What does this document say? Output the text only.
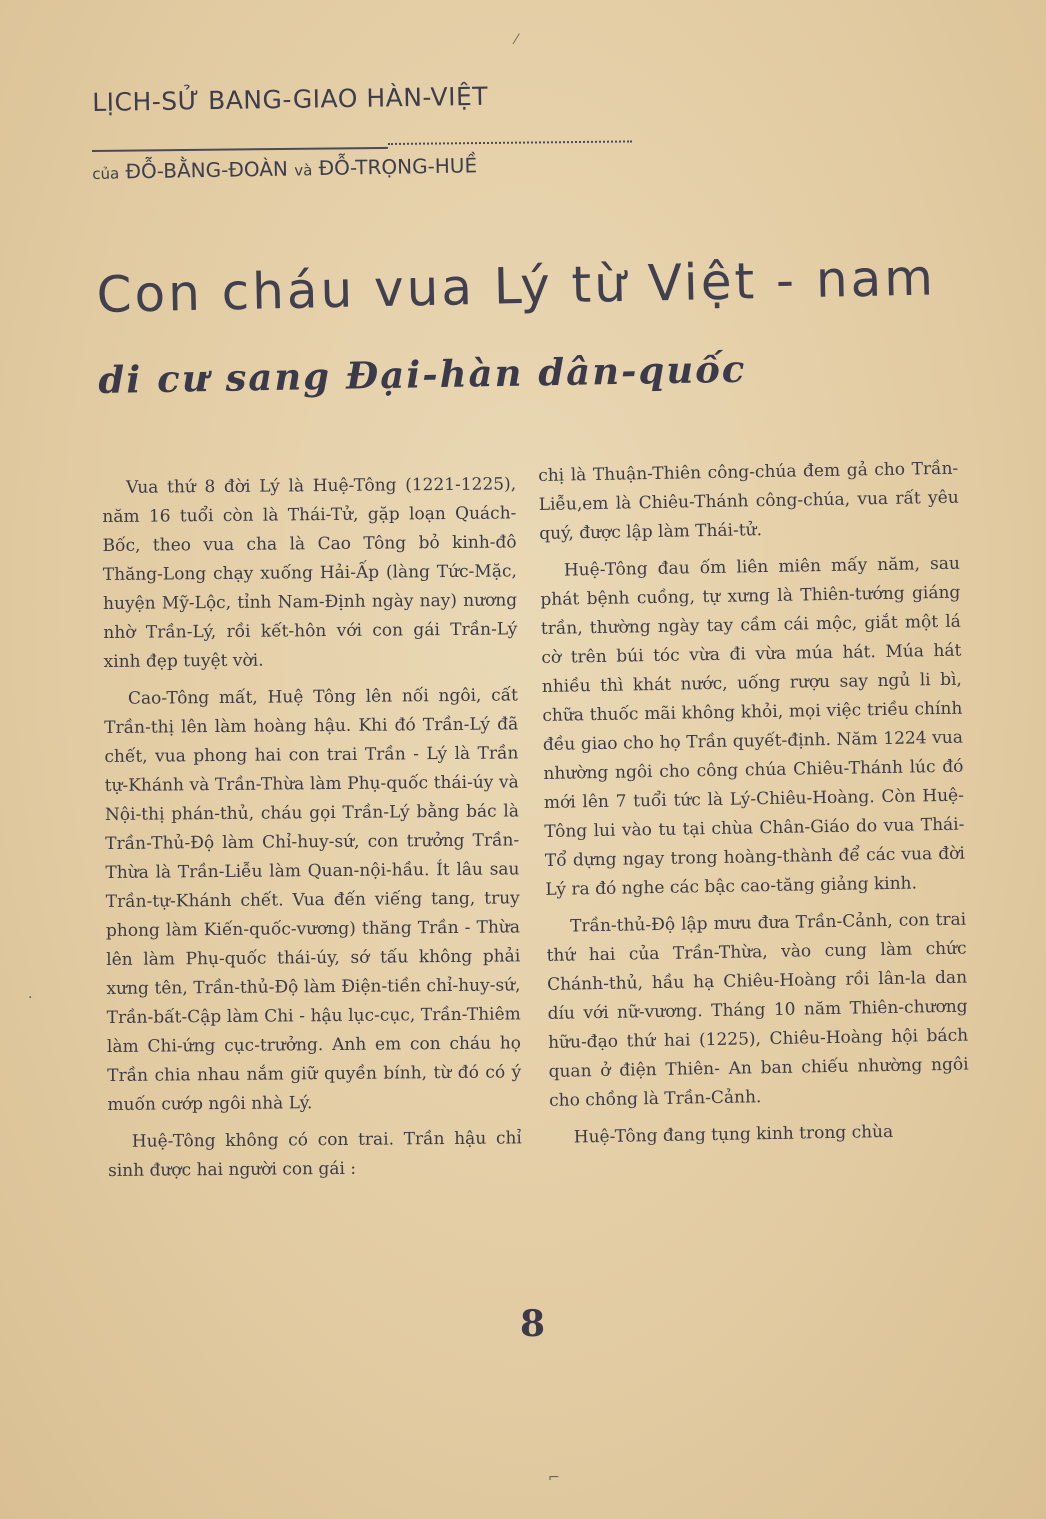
LỊCH-SỬ BANG-GIAO HÀN-VIỆT
của ĐỖ-BẰNG-ĐOÀN và ĐỖ-TRỌNG-HUỀ
Con cháu vua Lý từ Việt - nam
di cư sang Đại-hàn dân-quốc

Vua thứ 8 đời Lý là Huệ-Tông (1221-1225), năm 16 tuổi còn là Thái-Tử, gặp loạn Quách-Bốc, theo vua cha là Cao Tông bỏ kinh-đô Thăng-Long chạy xuống Hải-Ấp (làng Tức-Mặc, huyện Mỹ-Lộc, tỉnh Nam-Định ngày nay) nương nhờ Trần-Lý, rồi kết-hôn với con gái Trần-Lý xinh đẹp tuyệt vời.

Cao-Tông mất, Huệ Tông lên nối ngôi, cất Trần-thị lên làm hoàng hậu. Khi đó Trần-Lý đã chết, vua phong hai con trai Trần - Lý là Trần tự-Khánh và Trần-Thừa làm Phụ-quốc thái-úy và Nội-thị phán-thủ, cháu gọi Trần-Lý bằng bác là Trần-Thủ-Độ làm Chỉ-huy-sứ, con trưởng Trần-Thừa là Trần-Liễu làm Quan-nội-hầu. Ít lâu sau Trần-tự-Khánh chết. Vua đến viếng tang, truy phong làm Kiến-quốc-vương) thăng Trần - Thừa lên làm Phụ-quốc thái-úy, sớ tấu không phải xưng tên, Trần-thủ-Độ làm Điện-tiền chỉ-huy-sứ, Trần-bất-Cập làm Chi - hậu lục-cục, Trần-Thiêm làm Chi-ứng cục-trưởng. Anh em con cháu họ Trần chia nhau nắm giữ quyền bính, từ đó có ý muốn cướp ngôi nhà Lý.

Huệ-Tông không có con trai. Trần hậu chỉ sinh được hai người con gái :

chị là Thuận-Thiên công-chúa đem gả cho Trần-Liễu,em là Chiêu-Thánh công-chúa, vua rất yêu quý, được lập làm Thái-tử.

Huệ-Tông đau ốm liên miên mấy năm, sau phát bệnh cuồng, tự xưng là Thiên-tướng giáng trần, thường ngày tay cầm cái mộc, giắt một lá cờ trên búi tóc vừa đi vừa múa hát. Múa hát nhiều thì khát nước, uống rượu say ngủ li bì, chữa thuốc mãi không khỏi, mọi việc triều chính đều giao cho họ Trần quyết-định. Năm 1224 vua nhường ngôi cho công chúa Chiêu-Thánh lúc đó mới lên 7 tuổi tức là Lý-Chiêu-Hoàng. Còn Huệ-Tông lui vào tu tại chùa Chân-Giáo do vua Thái-Tổ dựng ngay trong hoàng-thành để các vua đời Lý ra đó nghe các bậc cao-tăng giảng kinh.

Trần-thủ-Độ lập mưu đưa Trần-Cảnh, con trai thứ hai của Trần-Thừa, vào cung làm chức Chánh-thủ, hầu hạ Chiêu-Hoàng rồi lân-la dan díu với nữ-vương. Tháng 10 năm Thiên-chương hữu-đạo thứ hai (1225), Chiêu-Hoàng hội bách quan ở điện Thiên- An ban chiếu nhường ngôi cho chồng là Trần-Cảnh.

Huệ-Tông đang tụng kinh trong chùa

8
⁄
·
⌐
